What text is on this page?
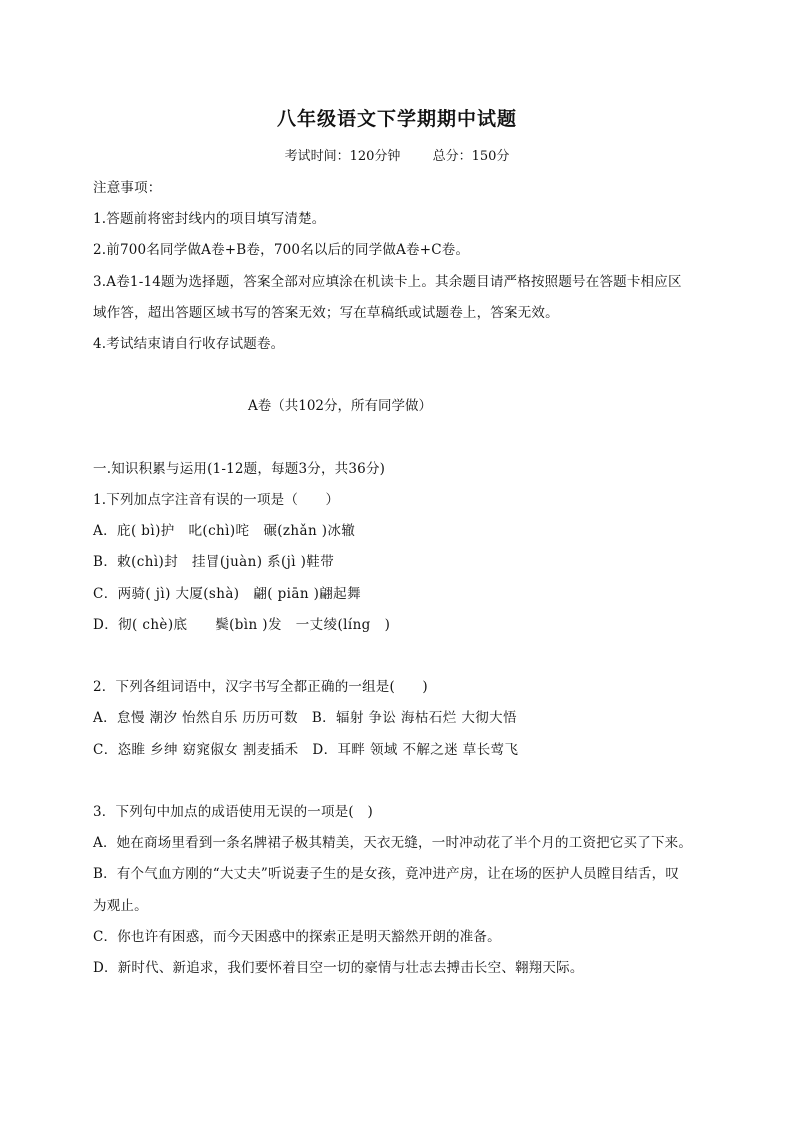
八年级语文下学期期中试题
考试时间：120分钟 总分：150分
注意事项：
1.答题前将密封线内的项目填写清楚。
2.前700名同学做A卷+B卷，700名以后的同学做A卷+C卷。
3.A卷1-14题为选择题，答案全部对应填涂在机读卡上。其余题目请严格按照题号在答题卡相应区
域作答，超出答题区域书写的答案无效；写在草稿纸或试题卷上，答案无效。
4.考试结束请自行收存试题卷。
A卷（共102分，所有同学做）
一.知识积累与运用(1-12题，每题3分，共36分)
1.下列加点字注音有误的一项是（　　）
A．庇( bì)护　叱(chì)咤　碾(zhǎn )冰辙
B．敕(chì)封　挂冒(juàn) 系(jì )鞋带
C．两骑( jì) 大厦(shà)　翩( piān )翩起舞
D．彻( chè)底　　鬓(bìn )发　一丈绫(líng　)
2．下列各组词语中，汉字书写全都正确的一组是(　　)
A．怠慢 潮汐 怡然自乐 历历可数　B．辐射 争讼 海枯石烂 大彻大悟
C．恣睢 乡绅 窈窕俶女 割麦插禾　D．耳畔 领域 不解之迷 草长莺飞
3．下列句中加点的成语使用无误的一项是(　)
A．她在商场里看到一条名牌裙子极其精美，天衣无缝，一时冲动花了半个月的工资把它买了下来。
B．有个气血方刚的“大丈夫”听说妻子生的是女孩，竟冲进产房，让在场的医护人员瞠目结舌，叹
为观止。
C．你也许有困惑，而今天困惑中的探索正是明天豁然开朗的准备。
D．新时代、新追求，我们要怀着目空一切的豪情与壮志去搏击长空、翱翔天际。
